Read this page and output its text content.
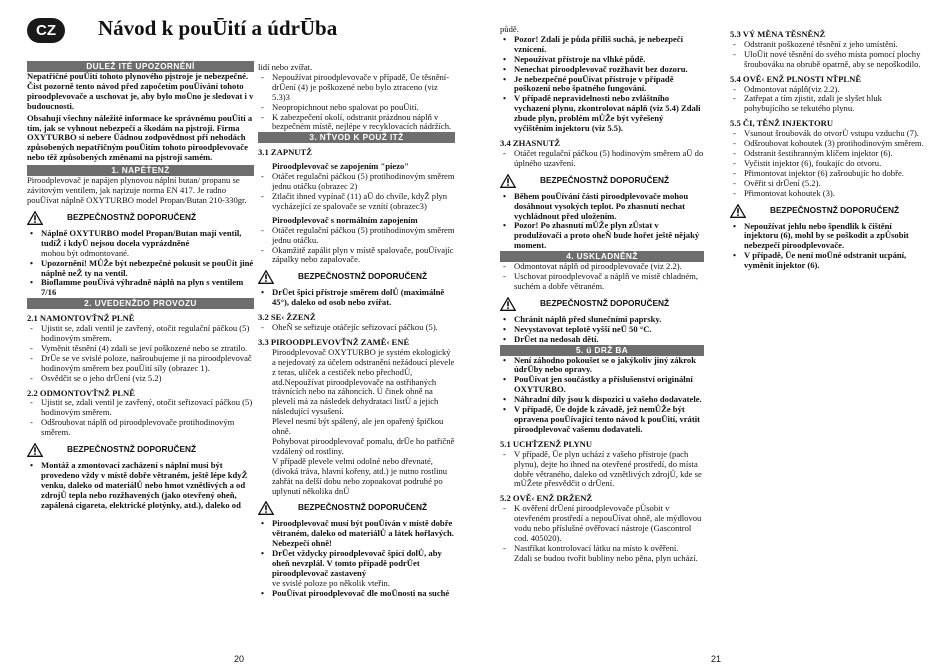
CZ	Návod k pouŪití a údrŪba

DULEŽ ITÉ UPOZORNĚNÍ

Nepatřičné pouŪití tohoto plynového pįstroje je nebezpečné. Čist pozorně tento návod před započetím pouŪívání tohoto piroodplevovače a uschovat je, aby bylo moŪno je sledovat i v budoucnosti.

Obsahují všechny náležité informace ke správnému pouŪití a tím, jak se vyhnout nebezpečí a škodám na pįstroji. Firma OXYTURBO si nebere Ūádnou zodpovědnost při nehodách způsobených nepatřičným pouŪitím tohoto piroodplevovače nebo těž způsobených změnami na pįstroji samém.

1. NAPĚŤENŽ

Piroodplevovač je napájen plynovou náplní butan/ propanu se závitovým ventilem, jak naŗizuje norma EN 417. Je radno pouŪívat náplně OXYTURBO model Propan/Butan 210-330gr.

BEZPEČNOSTNŽ DOPORUČENŽ

• Náplně OXYTURBO model Propan/Butan mají ventil, tudíŽ i kdyŪ nejsou docela vyprázdněné

mohou být odmontované.

• Upozornění! MŮŽe být nebezpečné pokusit se pouŪít jiné náplně neŽ ty na ventil.

• Bioflamme pouŪívá výhradně náplň na plyn s ventilem 7/16

2. UVEDENŽDO PROVOZU

2.1 NAMONTOVŤNŽ PLNĚ

- Ujistit se, zdali ventil je zavřený, otočit regulační páčkou (5) hodinovým směrem.

- Vyměnit těsnění (4) zdali se jeví poškozené nebo se ztratilo.

- DrŪe se ve svislé poloze, našroubujeme ji na piroodplevovač hodinovým směrem bez pouŪití síly (obrazec 1).

- Osvědčit se o jeho drŪení (viz 5.2)

2.2 ODMONTOVŤNŽ PLNĚ

- Ujistit se, zdali ventil je zavřený, otočit seřizovací páčkou (5) hodinovým směrem.

- Odšroubovat náplň od piroodplevovače protihodinovým směrem.

BEZPEČNOSTNŽ DOPORUČENŽ

• Montáž a zmontovací zacházení s náplní musí být provedeno vždy v místě dobře větraném, ještě lépe kdyŽ venku, daleko od materiálŮ nebo hmot vznětlivých a od zdrojŮ tepla nebo rozžhavených (jako otevřený oheň, zapálená cigareta, elektrické plotýnky, atd.), daleko od

lidí nebo zvířat.

- Nepoužívat piroodplevovače v případě, Ūe těsnění-drŪení (4) je poškozené nebo bylo ztraceno (viz 5.3)3

- Neopropichnout nebo spalovat po pouŪití.

- K zabezpečení okolí, odstranit prázdnou náplň v bezpečném místě, nejlépe v recyklovacích nádržích.

3. NŤVOD K POUŽ ITŽ

3.1 ZAPNUTŽ

Piroodplevovač se zapojením "piezo"

- Otáčet regulační páčkou (5) protihodinovým směrem jednu otáčku (obrazec 2)

- Ztlačit ihned vypínač (11) aŪ do chvíle, kdyŽ plyn vycházející ze spalovače se vznítí (obrazec3)

Piroodplevovač s normálním zapojením

- Otáčet regulační páčkou (5) protihodinovým směrem jednu otáčku.

- Okamžitě zapálit plyn v místě spalovače, pouŪívajíc zápalky nebo zapalovače.

BEZPEČNOSTNŽ DOPORUČENŽ

• DrŪet špici přístroje směrem dolŮ (maximálně 45°), daleko od osob nebo zvířat.

3.2 SE‹ ŽZENŽ

- OheŇ se seřizuje otáčejíc seřizovací páčkou (5).

3.3 PIROODPLEVOVŤNŽ ZAMĚ‹ ENÉ

Piroodplevovač OXYTURBO je systém ekologický a nejedovatý za účelem odstranění nežádoucí plevele z teras, uliček a cestiček nebo přechodŮ, atd.Nepoužívat piroodplevovače na ostřihaných trávnících nebo na záhoncích. Ú činek ohně na plevelí má za následek dehydrataci listŮ a jejich následující vysušení.

Plevel nesmí být spálený, ale jen opařený špičkou ohně.

Pohybovat piroodplevovač pomalu, drŪe ho patřičně vzdálený od rostliny.

V případě plevele velmi odolné nebo dřevnaté, (dívoká tráva, hlavní kořeny, atd.) je nutno rostlinu zahřát na delší dobu nebo zopoakovat podruhé po uplynutí několika dnŮ

BEZPEČNOSTNŽ DOPORUČENŽ

• Piroodplevovač musí být pouŪíván v místě dobře větraném, daleko od materiálŮ a látek hořlavých. Nebezpečí ohně!

• DrŪet vždycky piroodplevovač špicí dolŮ, aby oheň nevzplál. V tomto případě podrŪet piroodplevovač zastavený

ve svislé poloze po několik vteřin.

• PouŪívat piroodplevovač dle moŪnosti na suché

20

půdě.

• Pozor! Zdali je půda příliš suchá, je nebezpečí vznícení.

• Nepoužívat přístroje na vlhké půdě.

• Nenechat piroodplevovač rozžhavit bez dozoru.

• Je nebezpečné pouŪívat přístroje v případě poškozeni nebo špatného fungování.

• V případě nepravidelnosti nebo zvláštního vychazení plynu, zkontrolovat náplň (viz 5.4) Zdali zbude plyn, problém mŮŽe být vyřešený vyčištěním injektoru (viz 5.5).

3.4 ZHASNUTŽ

- Otáčet regulační páčkou (5) hodinovým směrem aŪ do úplného uzavření.

BEZPEČNOSTNŽ DOPORUČENŽ

• Během pouŪívání části piroodplevovače mohou dosáhnout vysokých teplot. Po zhasnutí nechat vychládnout před uložením.

• Pozor! Po zhasnutí mŮŽe plyn zŮstat v produlžovači a proto oheŇ bude hořet ještě nějaký moment.

4. USKLADNĚNŽ

- Odmontovat náplň od piroodplevovače (viz 2.2).

- Uschovat piroodplevovač a náplň ve místě chladném, suchém a dobře větraném.

BEZPEČNOSTNŽ DOPORUČENŽ

• Chránit náplň před slunečními paprsky.

• Nevystavovat teplotě vyšší neŪ 50 °C.

• DrŪet na nedosah dětí.

5. ú DRŽ BA

• Není záhodno pokoušet se o jakýkoliv jiný zákrok údrŪby nebo opravy.

• PouŪívat jen součástky a příslušenství originální OXYTURBO.

• Náhradní díly jsou k dispozici u vašeho dodavatele.

• V případě, Ūe dojde k závadě, jež nemŮŽe být opravena pouŪívající tento návod k pouŪití, vrátit piroodplevovač vašemu dodavateli.

5.1 UCHŤZENŽ PLYNU

- V případě, Ūe plyn uchází z vašeho přístroje (pach plynu), dejte ho ihned na otevřené prostředí, do místa dobře větraného, daleko od vznětlivých zdrojŮ, kde se mŮŽete přesvědčit o drŪení.

5.2 OVĚ‹ ENŽ DRŽENŽ

- K ověření drŪení piroodplevovače pŮsobit v otevřeném prostředí a nepouŪívat ohně, ale mýdlovou vodu nebo příslušné ověřovací nástroje (Gascontrol cod. 405020).

- Nastříkat kontrolovací látku na místo k ověření.

Zdali se budou tvořit bubliny nebo pěna, plyn uchází.

5.3 VÝ MĚNA TĚSNĚNŽ

- Odstranit poškozené těsnění z jeho umístění.

- UloŪit nové těsnění do svého místa pomocí plochy šroubováku na obrubě opatrně, aby se nepoškodilo.

5.4 OVĚ‹ ENŽ PLNOSTI NŤPLNĚ

- Odmontovat náplň(viz 2.2).

- Zatřepat a tím zjistit, zdali je slyšet hluk pohybujícího se tekutého plynu.

5.5 ČI, TĚNŽ INJEKTORU

- Vsunout šroubovák do otvorŮ vstupu vzduchu (7).

- Odšroubovat kohoutek (3) protihodinovým směrem.

- Odstranit šestihranným klíčem injektor (6).

- Vyčistit injektor (6), foukajíc do otvoru.

- Přimontovat injektor (6) zašroubujíc ho dobře.

- Ověřit si drŪení (5.2).

- Přimontovat kohoutek (3).

BEZPEČNOSTNŽ DOPORUČENŽ

• Nepoužívat jehlu nebo špendlík k čištění injektoru (6), mohl by se poškodit a zpŮsobit nebezpečí piroodplevovače.

• V případě, Ūe není moŪné odstranit ucpání, vyměnit injektor (6).

21
